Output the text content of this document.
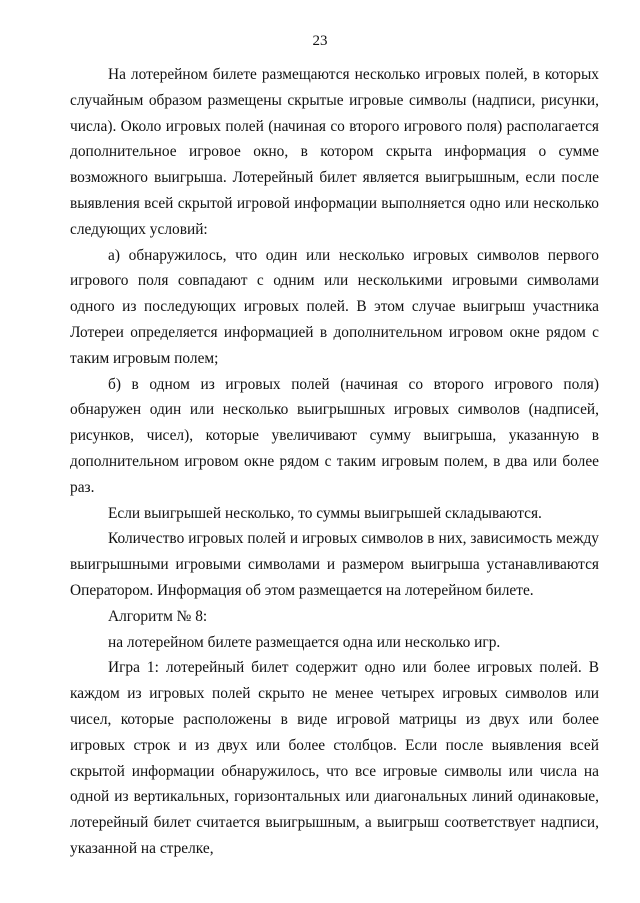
23

На лотерейном билете размещаются несколько игровых полей, в которых случайным образом размещены скрытые игровые символы (надписи, рисунки, числа). Около игровых полей (начиная со второго игрового поля) располагается дополнительное игровое окно, в котором скрыта информация о сумме возможного выигрыша. Лотерейный билет является выигрышным, если после выявления всей скрытой игровой информации выполняется одно или несколько следующих условий:

а) обнаружилось, что один или несколько игровых символов первого игрового поля совпадают с одним или несколькими игровыми символами одного из последующих игровых полей. В этом случае выигрыш участника Лотереи определяется информацией в дополнительном игровом окне рядом с таким игровым полем;

б) в одном из игровых полей (начиная со второго игрового поля) обнаружен один или несколько выигрышных игровых символов (надписей, рисунков, чисел), которые увеличивают сумму выигрыша, указанную в дополнительном игровом окне рядом с таким игровым полем, в два или более раз.

Если выигрышей несколько, то суммы выигрышей складываются.

Количество игровых полей и игровых символов в них, зависимость между выигрышными игровыми символами и размером выигрыша устанавливаются Оператором. Информация об этом размещается на лотерейном билете.

Алгоритм № 8:

на лотерейном билете размещается одна или несколько игр.

Игра 1: лотерейный билет содержит одно или более игровых полей. В каждом из игровых полей скрыто не менее четырех игровых символов или чисел, которые расположены в виде игровой матрицы из двух или более игровых строк и из двух или более столбцов. Если после выявления всей скрытой информации обнаружилось, что все игровые символы или числа на одной из вертикальных, горизонтальных или диагональных линий одинаковые, лотерейный билет считается выигрышным, а выигрыш соответствует надписи, указанной на стрелке,
